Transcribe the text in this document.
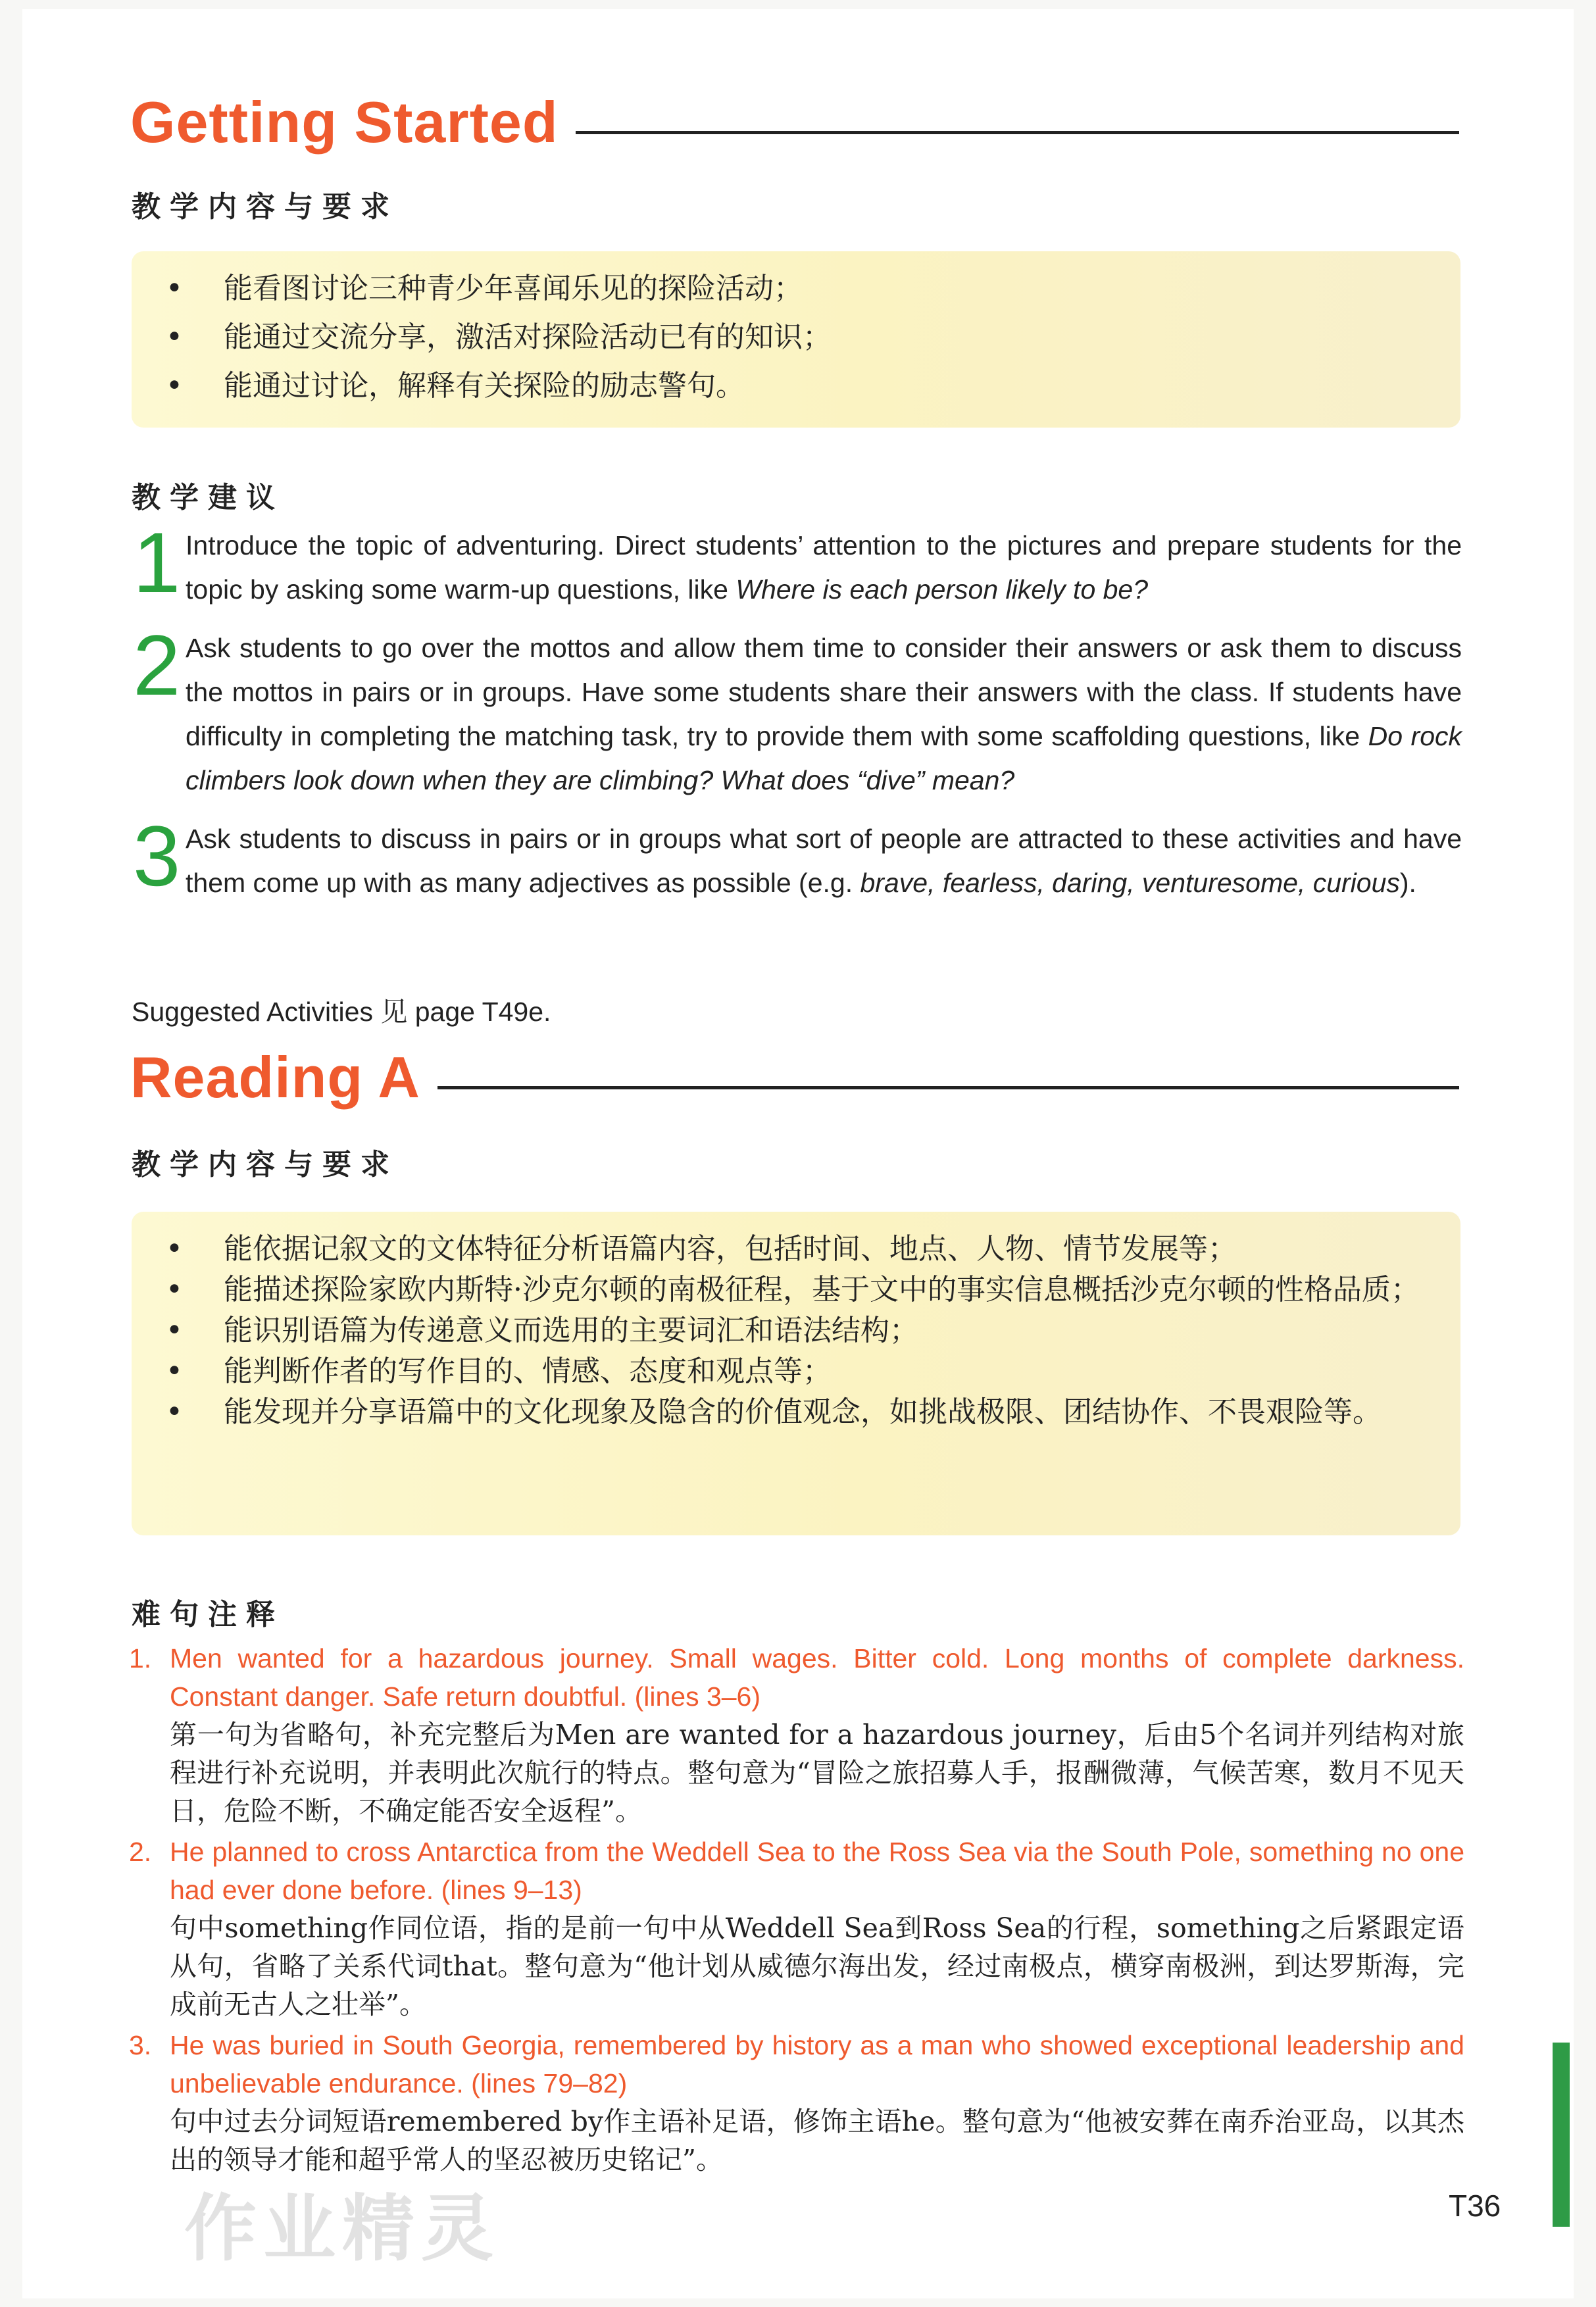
Getting Started
教学内容与要求
• 能看图讨论三种青少年喜闻乐见的探险活动；
• 能通过交流分享，激活对探险活动已有的知识；
• 能通过讨论，解释有关探险的励志警句。
教学建议
1 Introduce the topic of adventuring. Direct students’ attention to the pictures and prepare students for the topic by asking some warm-up questions, like Where is each person likely to be?
2 Ask students to go over the mottos and allow them time to consider their answers or ask them to discuss the mottos in pairs or in groups. Have some students share their answers with the class. If students have difficulty in completing the matching task, try to provide them with some scaffolding questions, like Do rock climbers look down when they are climbing? What does “dive” mean?
3 Ask students to discuss in pairs or in groups what sort of people are attracted to these activities and have them come up with as many adjectives as possible (e.g. brave, fearless, daring, venturesome, curious).
Suggested Activities 见 page T49e.
Reading A
教学内容与要求
• 能依据记叙文的文体特征分析语篇内容，包括时间、地点、人物、情节发展等；
• 能描述探险家欧内斯特·沙克尔顿的南极征程，基于文中的事实信息概括沙克尔顿的性格品质；
• 能识别语篇为传递意义而选用的主要词汇和语法结构；
• 能判断作者的写作目的、情感、态度和观点等；
• 能发现并分享语篇中的文化现象及隐含的价值观念，如挑战极限、团结协作、不畏艰险等。
难句注释
1. Men wanted for a hazardous journey. Small wages. Bitter cold. Long months of complete darkness. Constant danger. Safe return doubtful. (lines 3–6)
第一句为省略句，补充完整后为Men are wanted for a hazardous journey，后由5个名词并列结构对旅程进行补充说明，并表明此次航行的特点。整句意为“冒险之旅招募人手，报酬微薄，气候苦寒，数月不见天日，危险不断，不确定能否安全返程”。
2. He planned to cross Antarctica from the Weddell Sea to the Ross Sea via the South Pole, something no one had ever done before. (lines 9–13)
句中something作同位语，指的是前一句中从Weddell Sea到Ross Sea的行程，something之后紧跟定语从句，省略了关系代词that。整句意为“他计划从威德尔海出发，经过南极点，横穿南极洲，到达罗斯海，完成前无古人之壮举”。
3. He was buried in South Georgia, remembered by history as a man who showed exceptional leadership and unbelievable endurance. (lines 79–82)
句中过去分词短语remembered by作主语补足语，修饰主语he。整句意为“他被安葬在南乔治亚岛，以其杰出的领导才能和超乎常人的坚忍被历史铭记”。
作业精灵	T36
